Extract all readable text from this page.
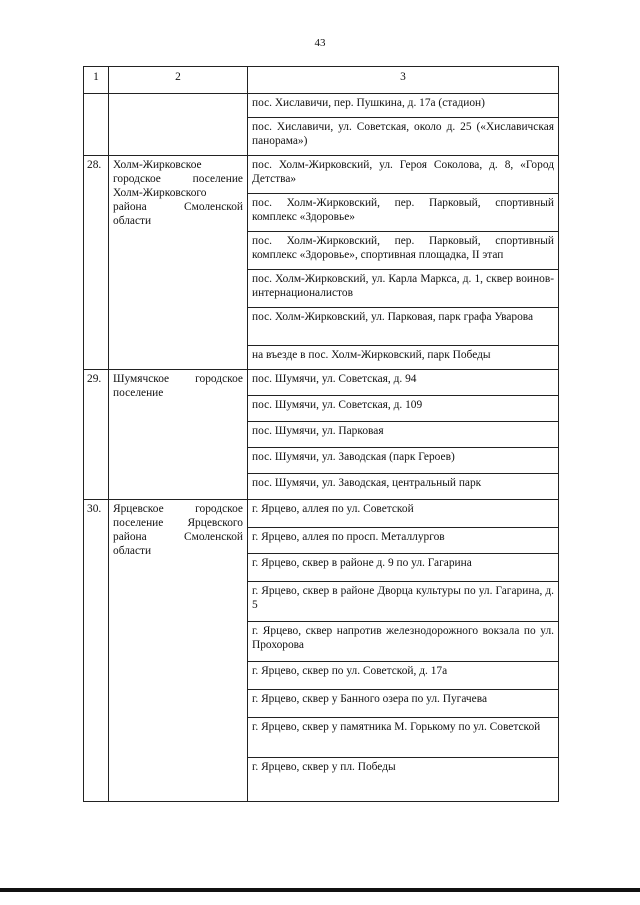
43
1	2	3
		пос. Хиславичи, пер. Пушкина, д. 17а (стадион)
		пос. Хиславичи, ул. Советская, около д. 25 («Хиславичская панорама»)
28.	Холм-Жирковское городское поселение Холм-Жирковского района Смоленской области	пос. Холм-Жирковский, ул. Героя Соколова, д. 8, «Город Детства»
		пос. Холм-Жирковский, пер. Парковый, спортивный комплекс «Здоровье»
		пос. Холм-Жирковский, пер. Парковый, спортивный комплекс «Здоровье», спортивная площадка, II этап
		пос. Холм-Жирковский, ул. Карла Маркса, д. 1, сквер воинов-интернационалистов
		пос. Холм-Жирковский, ул. Парковая, парк графа Уварова
		на въезде в пос. Холм-Жирковский, парк Победы
29.	Шумячское городское поселение	пос. Шумячи, ул. Советская, д. 94
		пос. Шумячи, ул. Советская, д. 109
		пос. Шумячи, ул. Парковая
		пос. Шумячи, ул. Заводская (парк Героев)
		пос. Шумячи, ул. Заводская, центральный парк
30.	Ярцевское городское поселение Ярцевского района Смоленской области	г. Ярцево, аллея по ул. Советской
		г. Ярцево, аллея по просп. Металлургов
		г. Ярцево, сквер в районе д. 9 по ул. Гагарина
		г. Ярцево, сквер в районе Дворца культуры по ул. Гагарина, д. 5
		г. Ярцево, сквер напротив железнодорожного вокзала по ул. Прохорова
		г. Ярцево, сквер по ул. Советской, д. 17а
		г. Ярцево, сквер у Банного озера по ул. Пугачева
		г. Ярцево, сквер у памятника М. Горькому по ул. Советской
		г. Ярцево, сквер у пл. Победы
